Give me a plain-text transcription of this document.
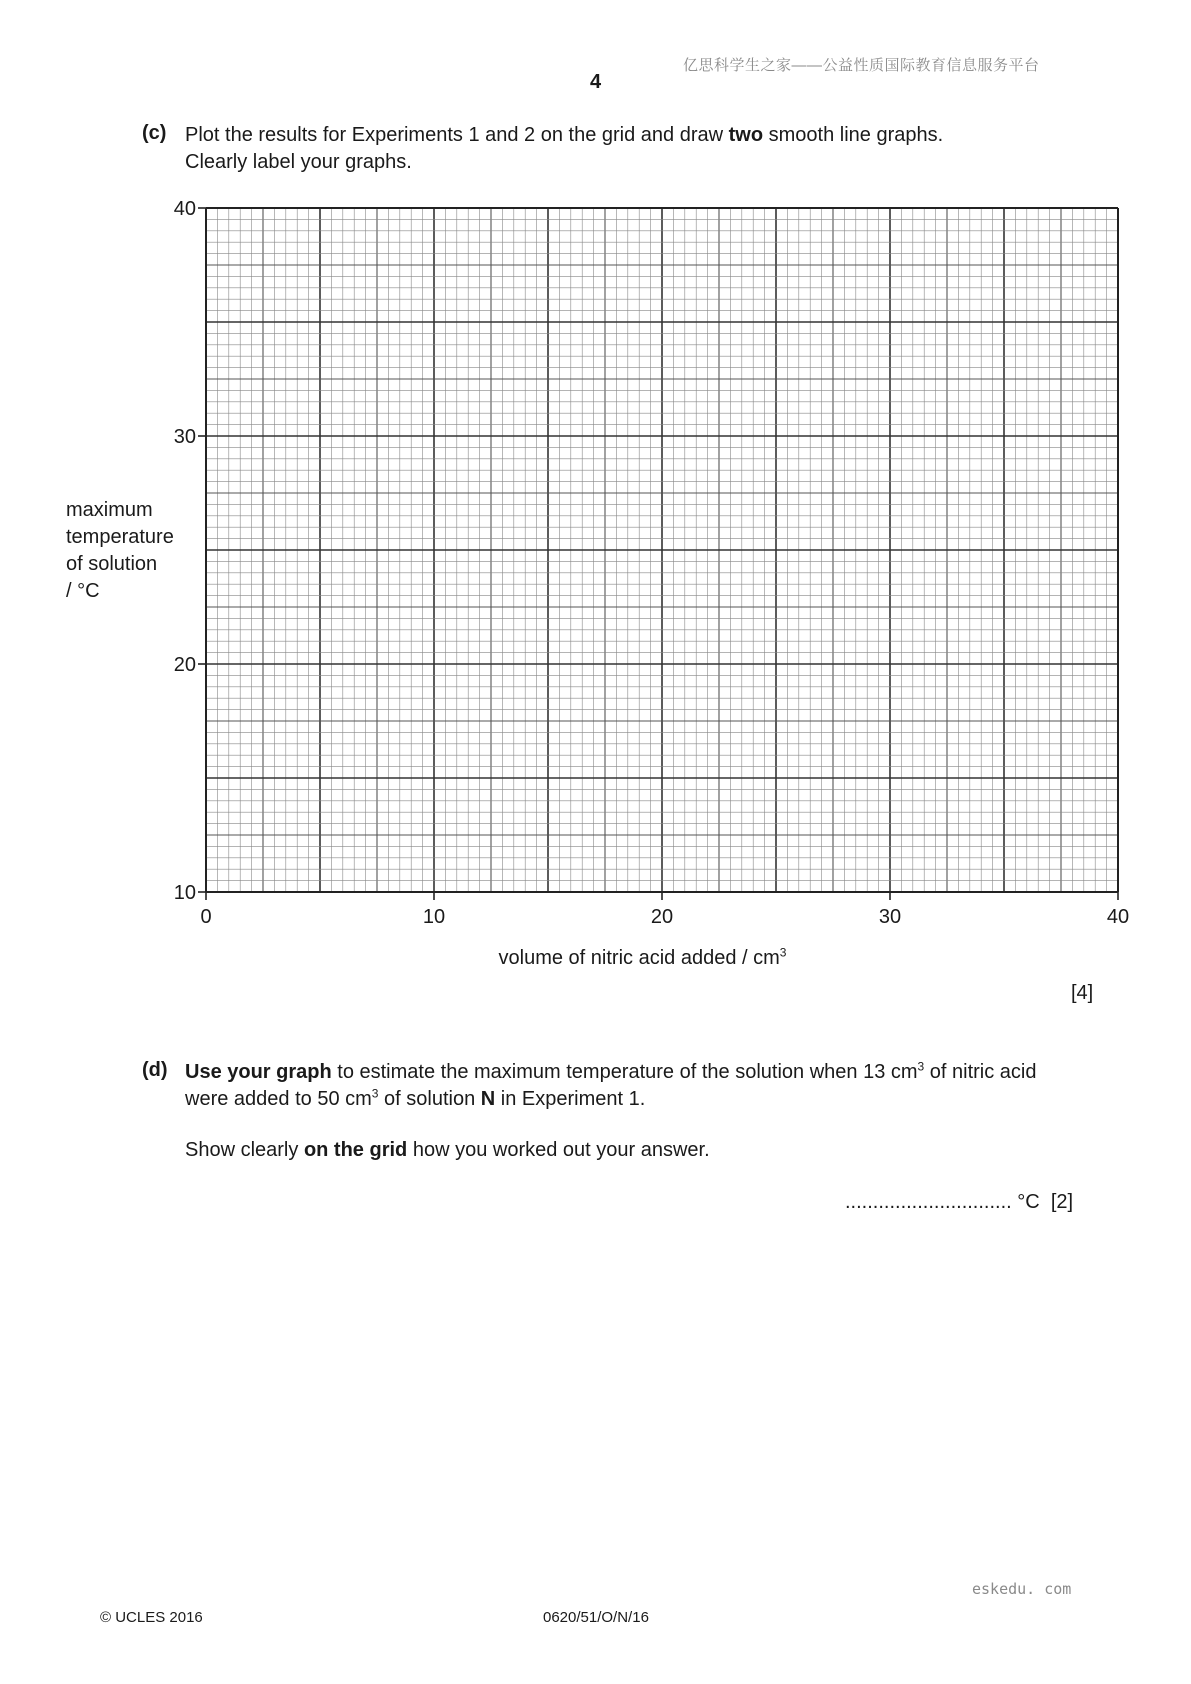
亿思科学生之家——公益性质国际教育信息服务平台
4
(c) Plot the results for Experiments 1 and 2 on the grid and draw two smooth line graphs.
Clearly label your graphs.
40
30
20
10
0	10	20	30	40
maximum
temperature
of solution
/ °C
volume of nitric acid added / $cm^3$
[4]
(d) Use your graph to estimate the maximum temperature of the solution when 13 $cm^3$ of nitric acid
were added to 50 $cm^3$ of solution N in Experiment 1.
Show clearly on the grid how you worked out your answer.
.............................. °C [2]
eskedu. com
© UCLES 2016	0620/51/O/N/16
